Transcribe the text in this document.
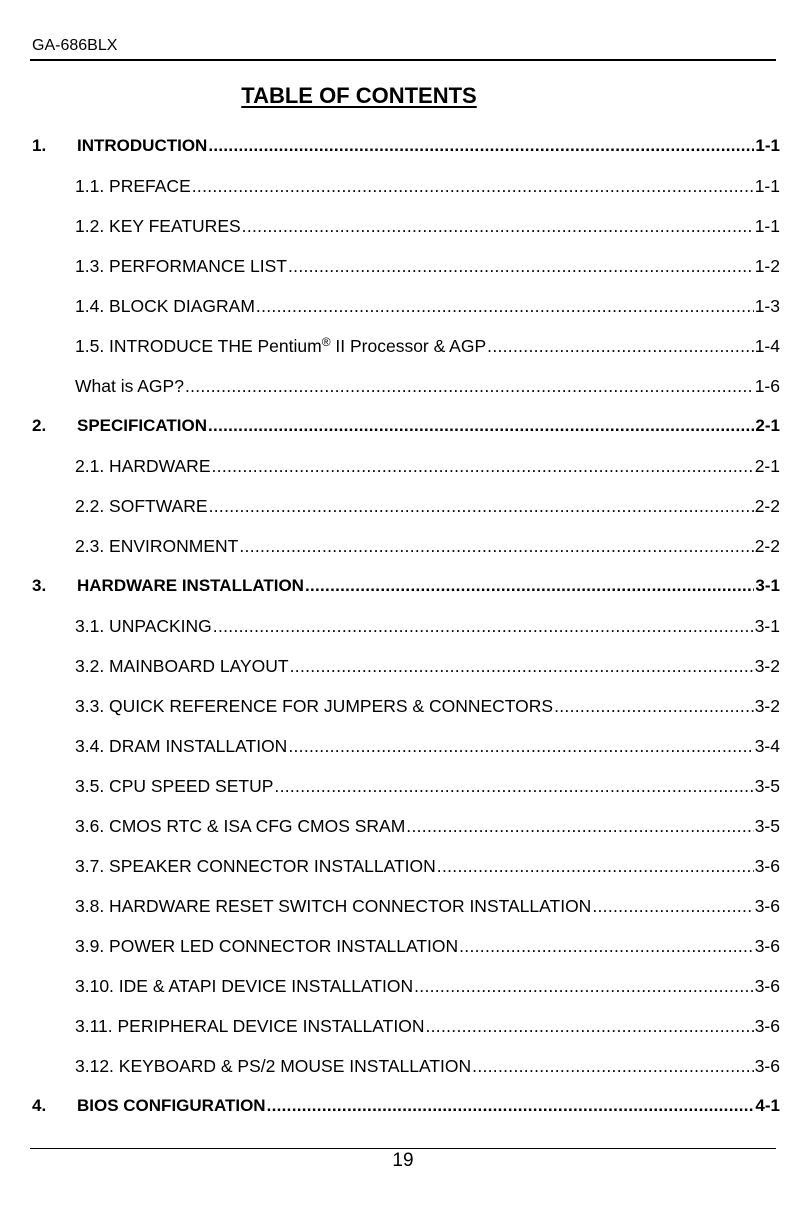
GA-686BLX
TABLE OF CONTENTS
1.	INTRODUCTION .....	1-1
1.1. PREFACE .....	1-1
1.2. KEY FEATURES .....	1-1
1.3. PERFORMANCE LIST .....	1-2
1.4. BLOCK DIAGRAM .....	1-3
1.5. INTRODUCE THE Pentium® II Processor & AGP .....	1-4
What is AGP? .....	1-6
2.	SPECIFICATION .....	2-1
2.1. HARDWARE .....	2-1
2.2. SOFTWARE .....	2-2
2.3. ENVIRONMENT .....	2-2
3.	HARDWARE INSTALLATION .....	3-1
3.1. UNPACKING .....	3-1
3.2. MAINBOARD LAYOUT .....	3-2
3.3. QUICK REFERENCE FOR JUMPERS & CONNECTORS .....	3-2
3.4. DRAM INSTALLATION .....	3-4
3.5. CPU SPEED SETUP .....	3-5
3.6. CMOS RTC & ISA CFG CMOS SRAM .....	3-5
3.7. SPEAKER CONNECTOR INSTALLATION .....	3-6
3.8. HARDWARE RESET SWITCH CONNECTOR INSTALLATION .....	3-6
3.9. POWER LED CONNECTOR INSTALLATION .....	3-6
3.10. IDE & ATAPI DEVICE INSTALLATION .....	3-6
3.11. PERIPHERAL DEVICE INSTALLATION .....	3-6
3.12. KEYBOARD & PS/2 MOUSE INSTALLATION .....	3-6
4.	BIOS CONFIGURATION .....	4-1
19
